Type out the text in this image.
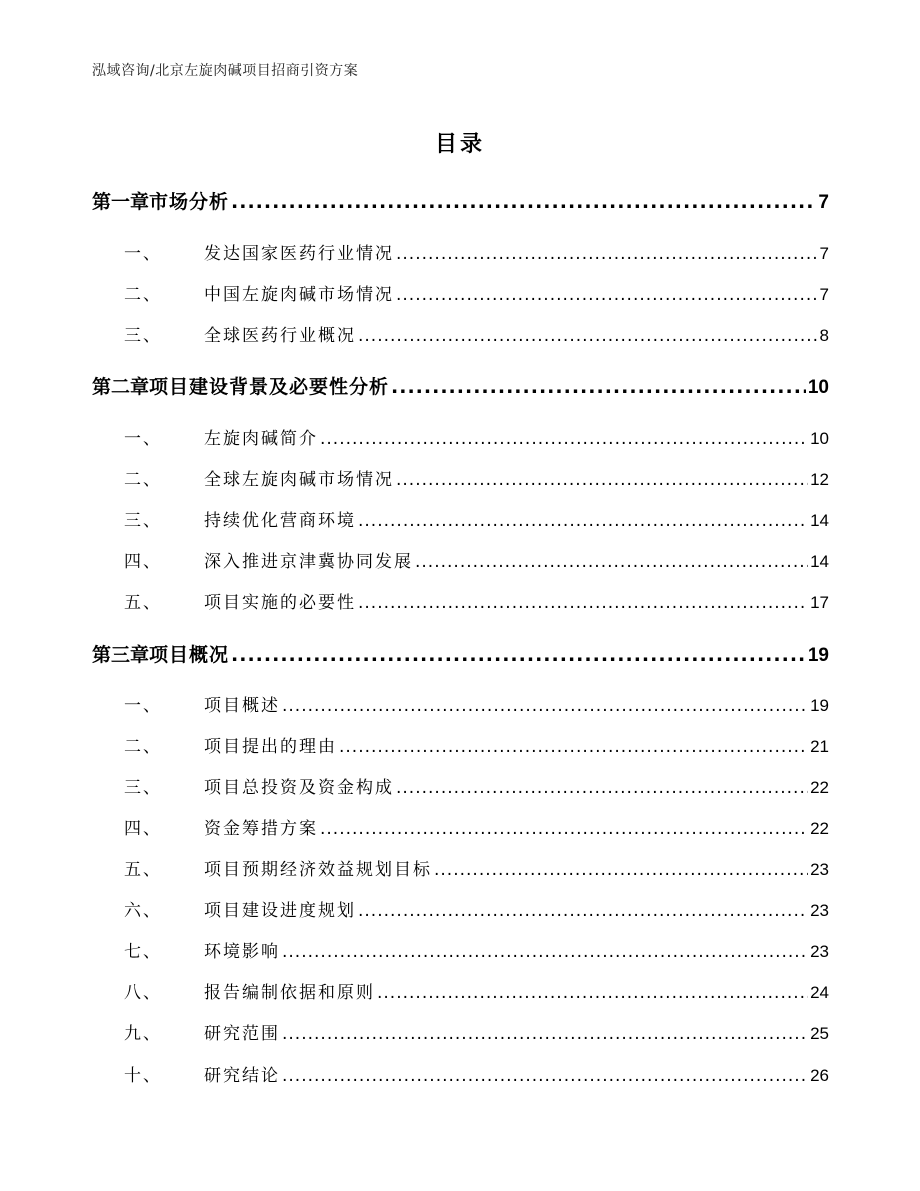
泓域咨询/北京左旋肉碱项目招商引资方案
目录
第一章 市场分析 .....	7
一、	发达国家医药行业情况 .....	7
二、	中国左旋肉碱市场情况 .....	7
三、	全球医药行业概况 .....	8
第二章 项目建设背景及必要性分析 .....	10
一、	左旋肉碱简介 .....	10
二、	全球左旋肉碱市场情况 .....	12
三、	持续优化营商环境 .....	14
四、	深入推进京津冀协同发展 .....	14
五、	项目实施的必要性 .....	17
第三章 项目概况 .....	19
一、	项目概述 .....	19
二、	项目提出的理由 .....	21
三、	项目总投资及资金构成 .....	22
四、	资金筹措方案 .....	22
五、	项目预期经济效益规划目标 .....	23
六、	项目建设进度规划 .....	23
七、	环境影响 .....	23
八、	报告编制依据和原则 .....	24
九、	研究范围 .....	25
十、	研究结论 .....	26
